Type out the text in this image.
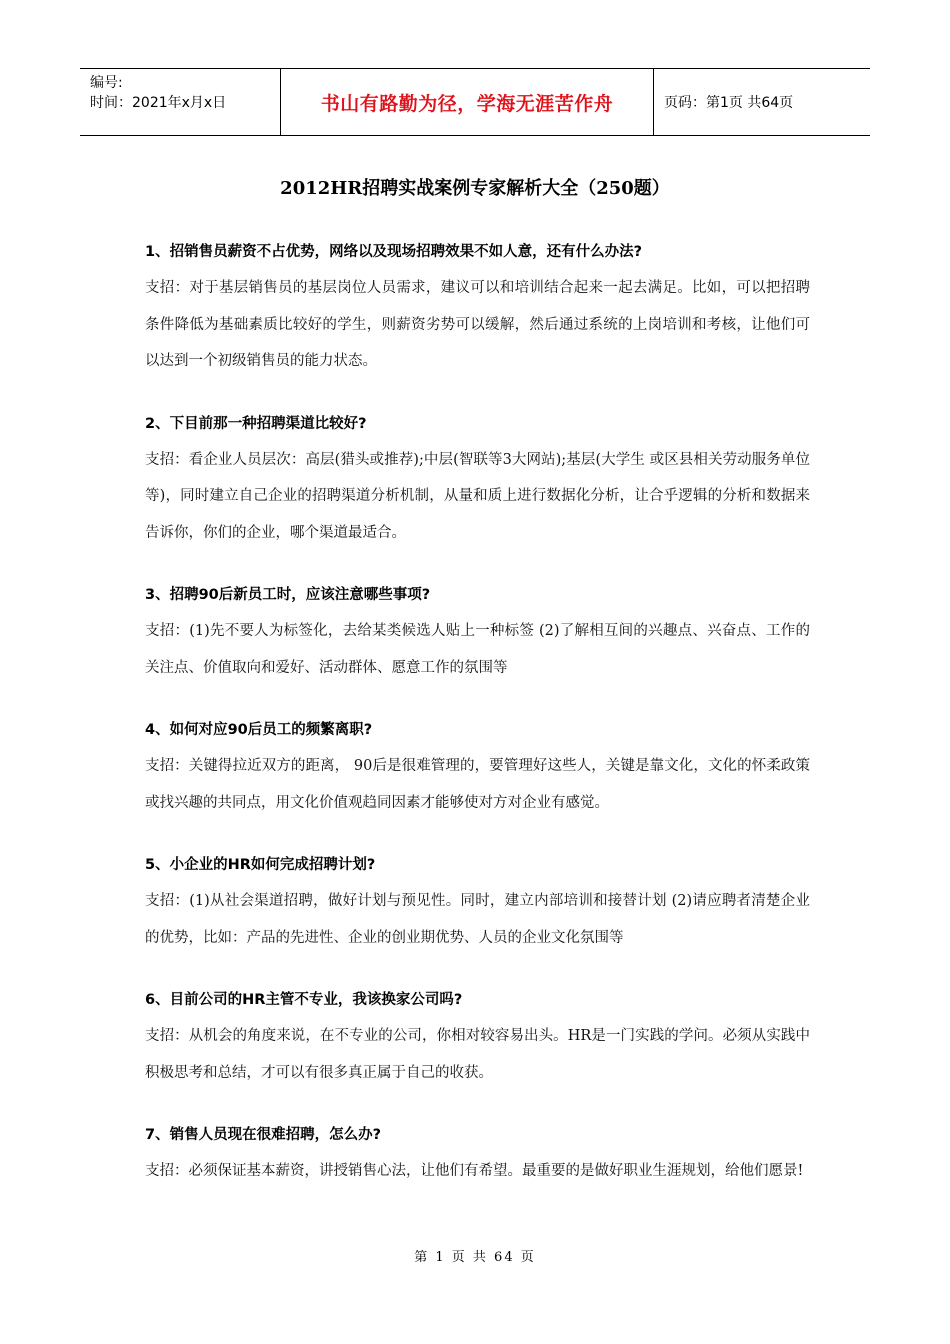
编号:
时间：2021年x月x日	书山有路勤为径，学海无涯苦作舟	页码：第1页 共64页
2012HR招聘实战案例专家解析大全（250题）
1、招销售员薪资不占优势，网络以及现场招聘效果不如人意，还有什么办法?
支招：对于基层销售员的基层岗位人员需求，建议可以和培训结合起来一起去满足。比如，可以把招聘条件降低为基础素质比较好的学生，则薪资劣势可以缓解，然后通过系统的上岗培训和考核，让他们可以达到一个初级销售员的能力状态。
2、下目前那一种招聘渠道比较好?
支招：看企业人员层次：高层(猎头或推荐);中层(智联等3大网站);基层(大学生 或区县相关劳动服务单位等)，同时建立自己企业的招聘渠道分析机制，从量和质上进行数据化分析，让合乎逻辑的分析和数据来告诉你，你们的企业，哪个渠道最适合。
3、招聘90后新员工时，应该注意哪些事项?
支招：(1)先不要人为标签化，去给某类候选人贴上一种标签 (2)了解相互间的兴趣点、兴奋点、工作的关注点、价值取向和爱好、活动群体、愿意工作的氛围等
4、如何对应90后员工的频繁离职?
支招：关键得拉近双方的距离， 90后是很难管理的，要管理好这些人，关键是靠文化，文化的怀柔政策或找兴趣的共同点，用文化价值观趋同因素才能够使对方对企业有感觉。
5、小企业的HR如何完成招聘计划?
支招：(1)从社会渠道招聘，做好计划与预见性。同时，建立内部培训和接替计划 (2)请应聘者清楚企业的优势，比如：产品的先进性、企业的创业期优势、人员的企业文化氛围等
6、目前公司的HR主管不专业，我该换家公司吗?
支招：从机会的角度来说，在不专业的公司，你相对较容易出头。HR是一门实践的学问。必须从实践中积极思考和总结，才可以有很多真正属于自己的收获。
7、销售人员现在很难招聘，怎么办?
支招：必须保证基本薪资，讲授销售心法，让他们有希望。最重要的是做好职业生涯规划，给他们愿景!
第 1 页 共 64 页
